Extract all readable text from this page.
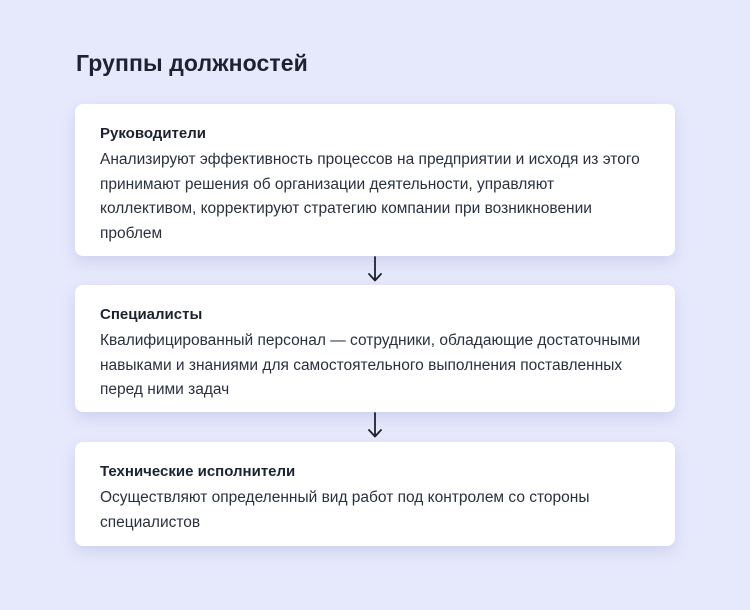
Группы должностей
Руководители
Анализируют эффективность процессов на предприятии и исходя из этого принимают решения об организации деятельности, управляют коллективом, корректируют стратегию компании при возникновении проблем
Специалисты
Квалифицированный персонал — сотрудники, обладающие достаточными навыками и знаниями для самостоятельного выполнения поставленных перед ними задач
Технические исполнители
Осуществляют определенный вид работ под контролем со стороны специалистов
